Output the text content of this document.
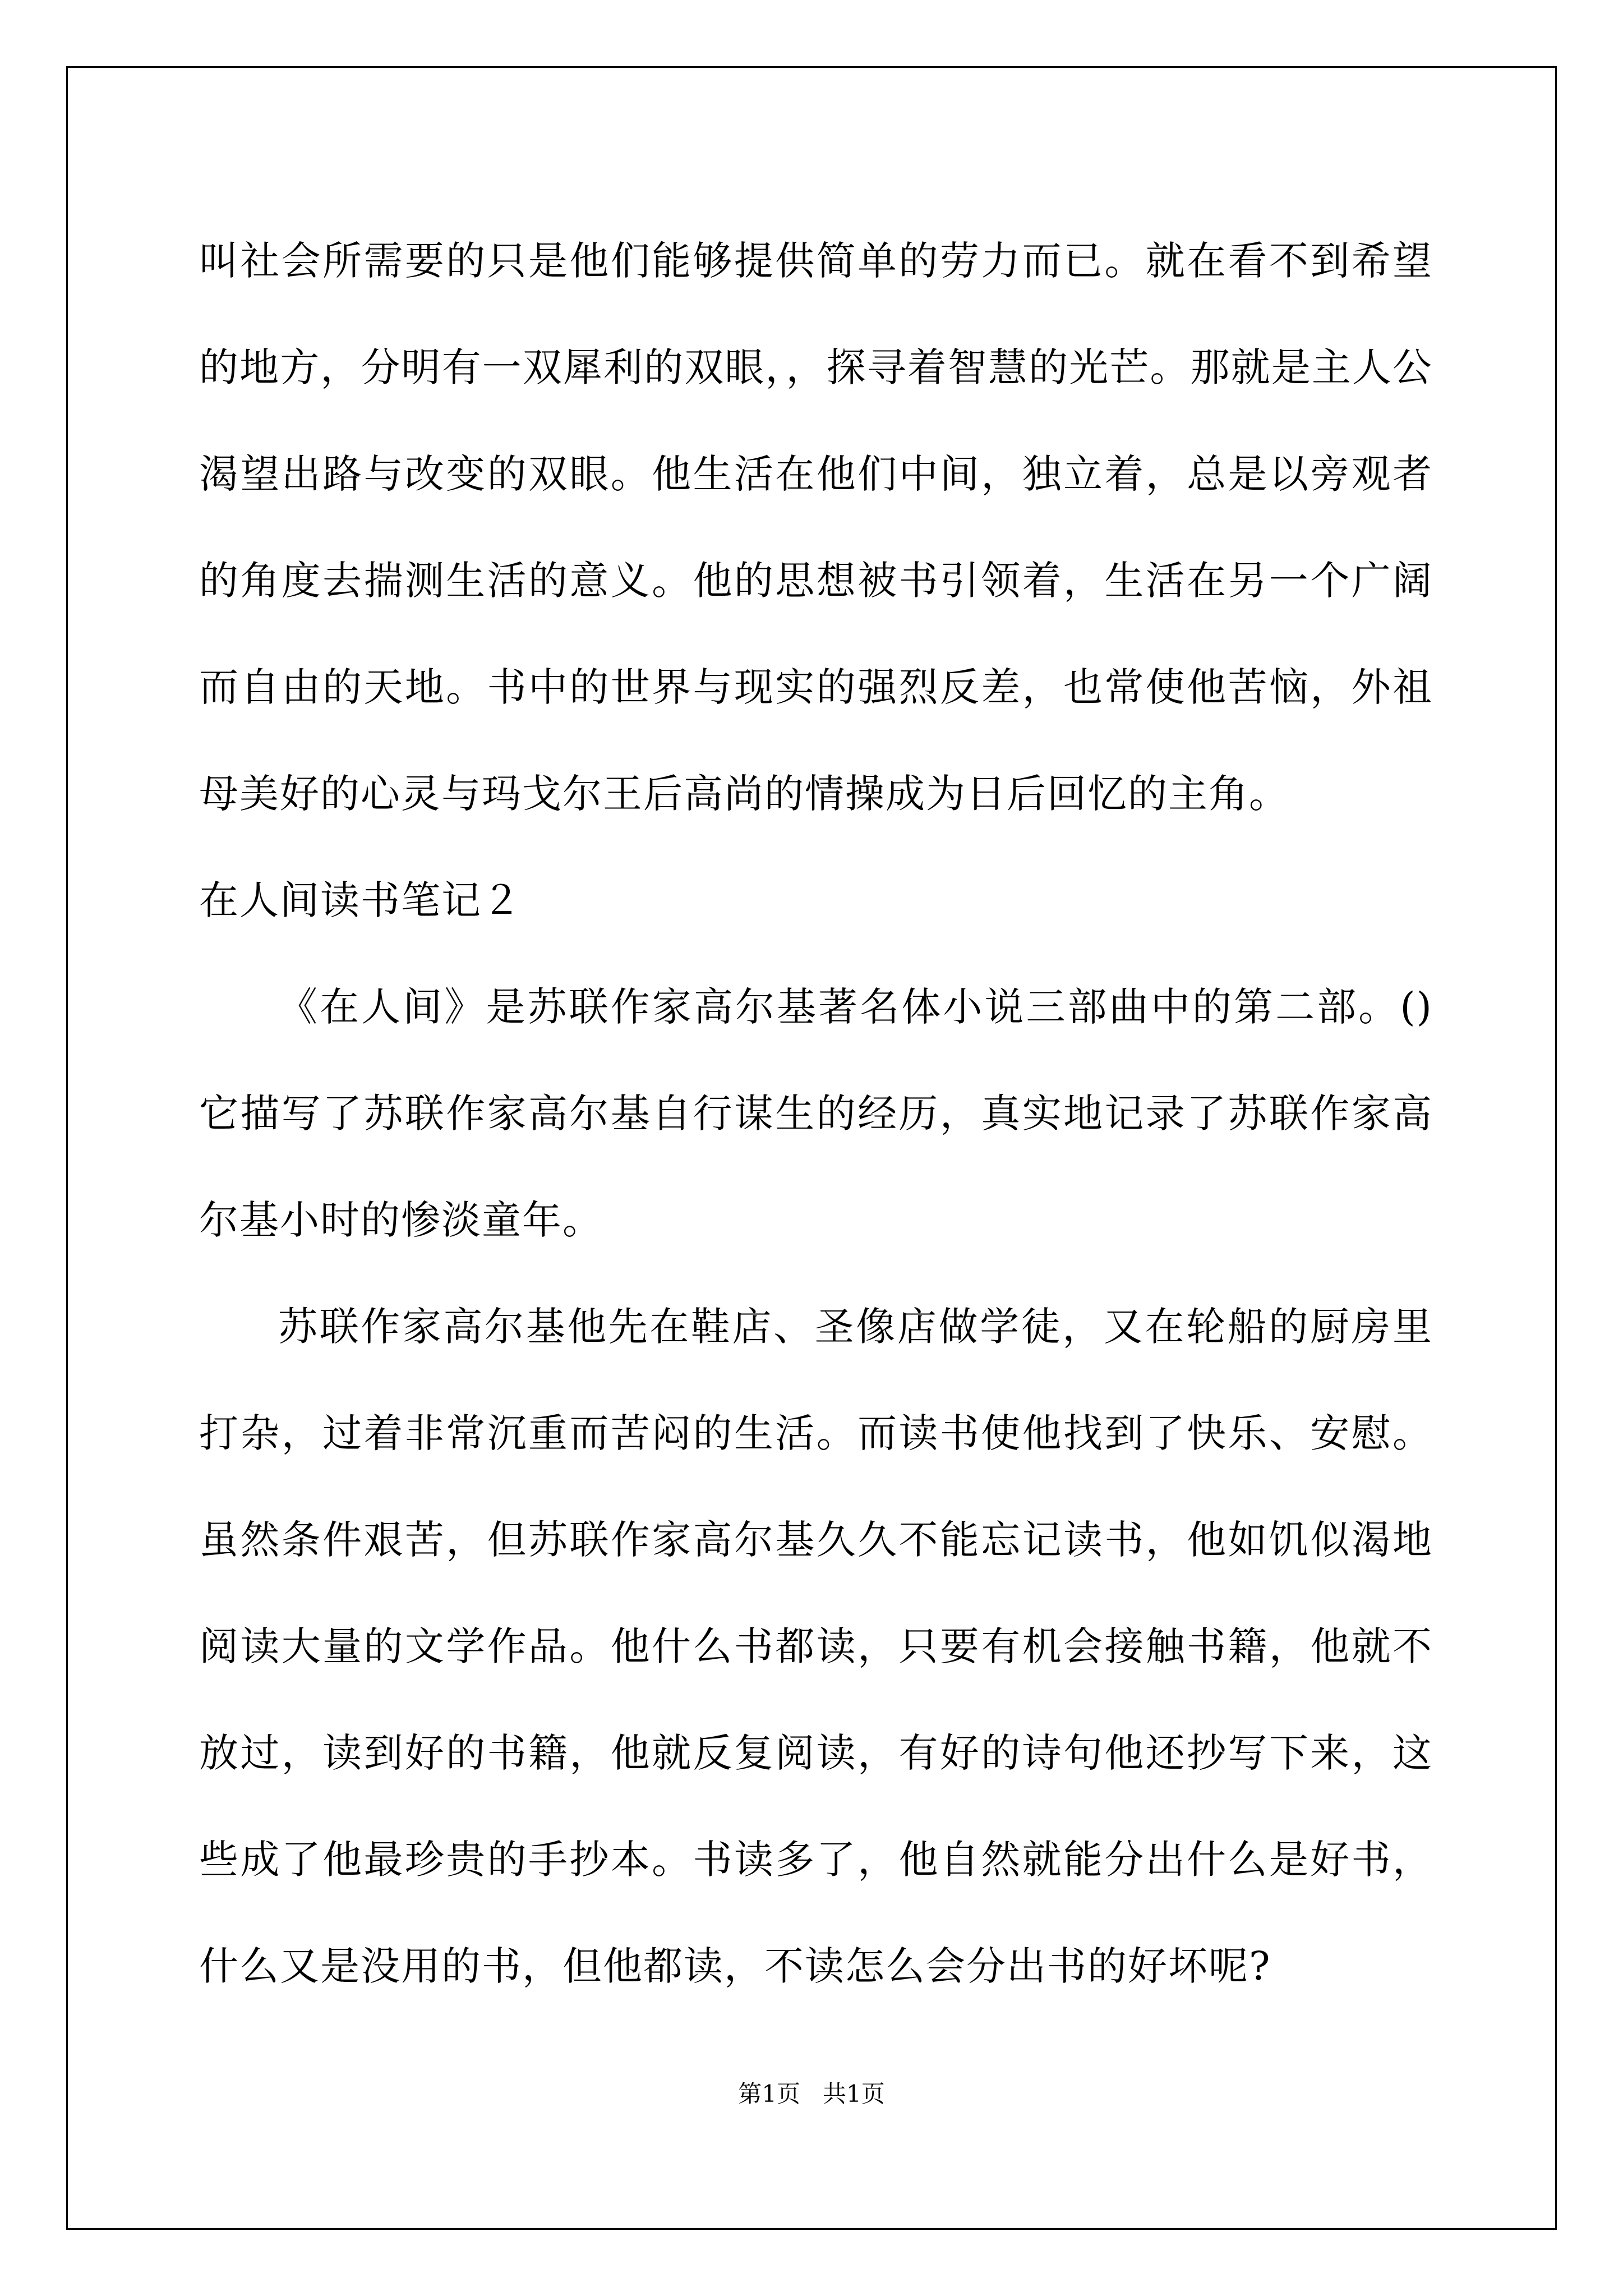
叫社会所需要的只是他们能够提供简单的劳力而已。就在看不到希望的地方，分明有一双犀利的双眼，，探寻着智慧的光芒。那就是主人公渴望出路与改变的双眼。他生活在他们中间，独立着，总是以旁观者的角度去揣测生活的意义。他的思想被书引领着，生活在另一个广阔而自由的天地。书中的世界与现实的强烈反差，也常使他苦恼，外祖母美好的心灵与玛戈尔王后高尚的情操成为日后回忆的主角。

在人间读书笔记２

《在人间》是苏联作家高尔基著名体小说三部曲中的第二部。()它描写了苏联作家高尔基自行谋生的经历，真实地记录了苏联作家高尔基小时的惨淡童年。

苏联作家高尔基他先在鞋店、圣像店做学徒，又在轮船的厨房里打杂，过着非常沉重而苦闷的生活。而读书使他找到了快乐、安慰。虽然条件艰苦，但苏联作家高尔基久久不能忘记读书，他如饥似渴地阅读大量的文学作品。他什么书都读，只要有机会接触书籍，他就不放过，读到好的书籍，他就反复阅读，有好的诗句他还抄写下来，这些成了他最珍贵的手抄本。书读多了，他自然就能分出什么是好书，什么又是没用的书，但他都读，不读怎么会分出书的好坏呢?

第1页 共1页
